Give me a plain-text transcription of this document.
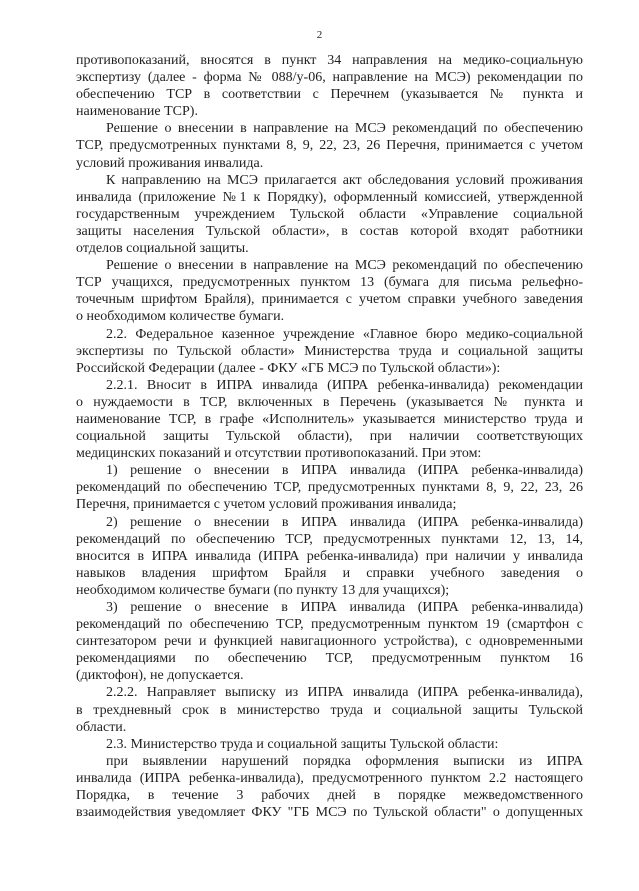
2
противопоказаний, вносятся в пункт 34 направления на медико-социальную
экспертизу (далее - форма № 088/у-06, направление на МСЭ) рекомендации по
обеспечению ТСР в соответствии с Перечнем (указывается № пункта и
наименование ТСР).
Решение о внесении в направление на МСЭ рекомендаций по обеспечению
ТСР, предусмотренных пунктами 8, 9, 22, 23, 26 Перечня, принимается с учетом
условий проживания инвалида.
К направлению на МСЭ прилагается акт обследования условий проживания
инвалида (приложение №1 к Порядку), оформленный комиссией, утвержденной
государственным учреждением Тульской области «Управление социальной
защиты населения Тульской области», в состав которой входят работники
отделов социальной защиты.
Решение о внесении в направление на МСЭ рекомендаций по обеспечению
ТСР учащихся, предусмотренных пунктом 13 (бумага для письма рельефно-
точечным шрифтом Брайля), принимается с учетом справки учебного заведения
о необходимом количестве бумаги.
2.2. Федеральное казенное учреждение «Главное бюро медико-социальной
экспертизы по Тульской области» Министерства труда и социальной защиты
Российской Федерации (далее - ФКУ «ГБ МСЭ по Тульской области»):
2.2.1. Вносит в ИПРА инвалида (ИПРА ребенка-инвалида) рекомендации
о нуждаемости в ТСР, включенных в Перечень (указывается № пункта и
наименование ТСР, в графе «Исполнитель» указывается министерство труда и
социальной защиты Тульской области), при наличии соответствующих
медицинских показаний и отсутствии противопоказаний. При этом:
1) решение о внесении в ИПРА инвалида (ИПРА ребенка-инвалида)
рекомендаций по обеспечению ТСР, предусмотренных пунктами 8, 9, 22, 23, 26
Перечня, принимается с учетом условий проживания инвалида;
2) решение о внесении в ИПРА инвалида (ИПРА ребенка-инвалида)
рекомендаций по обеспечению ТСР, предусмотренных пунктами 12, 13, 14,
вносится в ИПРА инвалида (ИПРА ребенка-инвалида) при наличии у инвалида
навыков владения шрифтом Брайля и справки учебного заведения о
необходимом количестве бумаги (по пункту 13 для учащихся);
3) решение о внесение в ИПРА инвалида (ИПРА ребенка-инвалида)
рекомендаций по обеспечению ТСР, предусмотренным пунктом 19 (смартфон с
синтезатором речи и функцией навигационного устройства), с одновременными
рекомендациями по обеспечению ТСР, предусмотренным пунктом 16
(диктофон), не допускается.
2.2.2. Направляет выписку из ИПРА инвалида (ИПРА ребенка-инвалида),
в трехдневный срок в министерство труда и социальной защиты Тульской
области.
2.3. Министерство труда и социальной защиты Тульской области:
при выявлении нарушений порядка оформления выписки из ИПРА
инвалида (ИПРА ребенка-инвалида), предусмотренного пунктом 2.2 настоящего
Порядка, в течение 3 рабочих дней в порядке межведомственного
взаимодействия уведомляет ФКУ "ГБ МСЭ по Тульской области" о допущенных
